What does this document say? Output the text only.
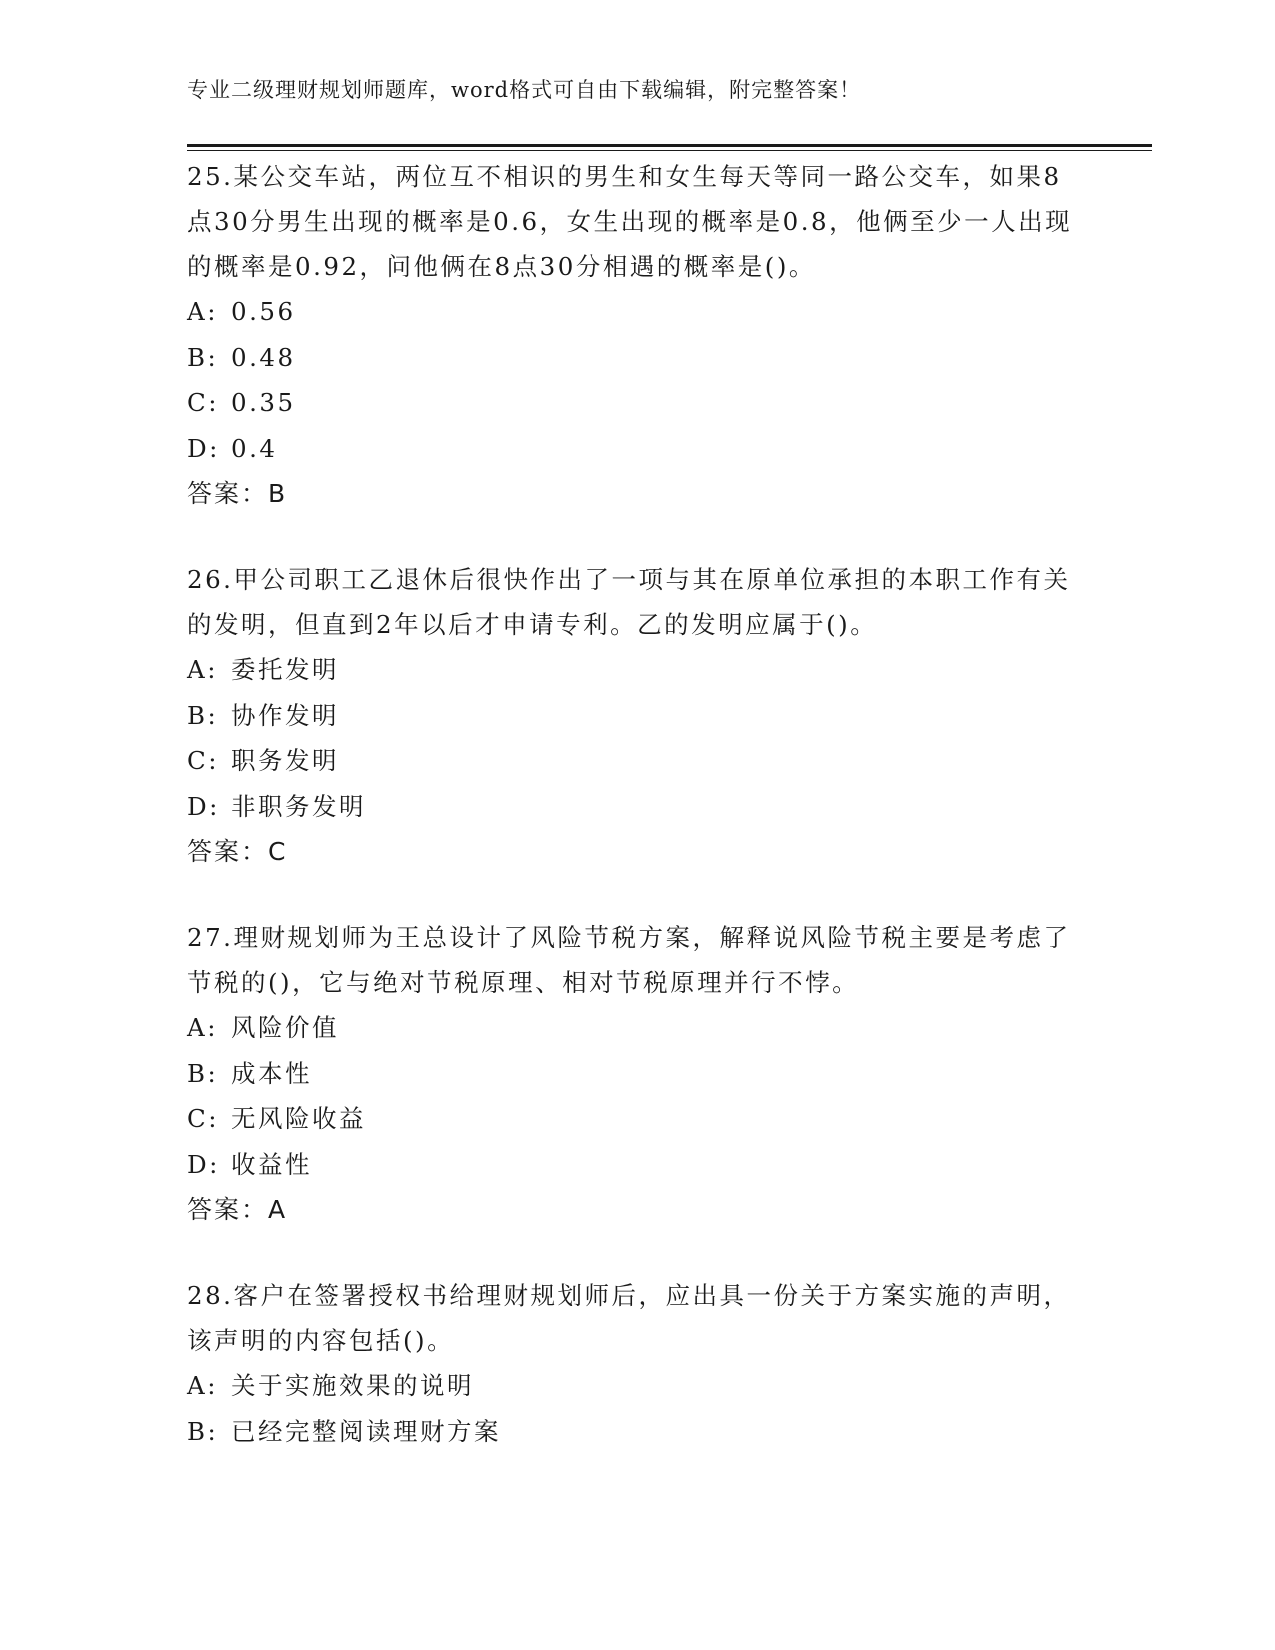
专业二级理财规划师题库，word格式可自由下载编辑，附完整答案！

25.某公交车站，两位互不相识的男生和女生每天等同一路公交车，如果8点30分男生出现的概率是0.6，女生出现的概率是0.8，他俩至少一人出现的概率是0.92，问他俩在8点30分相遇的概率是()。

A: 0.56
B: 0.48
C: 0.35
D: 0.4
答案：B

26.甲公司职工乙退休后很快作出了一项与其在原单位承担的本职工作有关的发明，但直到2年以后才申请专利。乙的发明应属于()。

A: 委托发明
B: 协作发明
C: 职务发明
D: 非职务发明
答案：C

27.理财规划师为王总设计了风险节税方案，解释说风险节税主要是考虑了节税的()，它与绝对节税原理、相对节税原理并行不悖。

A: 风险价值
B: 成本性
C: 无风险收益
D: 收益性
答案：A

28.客户在签署授权书给理财规划师后，应出具一份关于方案实施的声明，该声明的内容包括()。

A: 关于实施效果的说明
B: 已经完整阅读理财方案
